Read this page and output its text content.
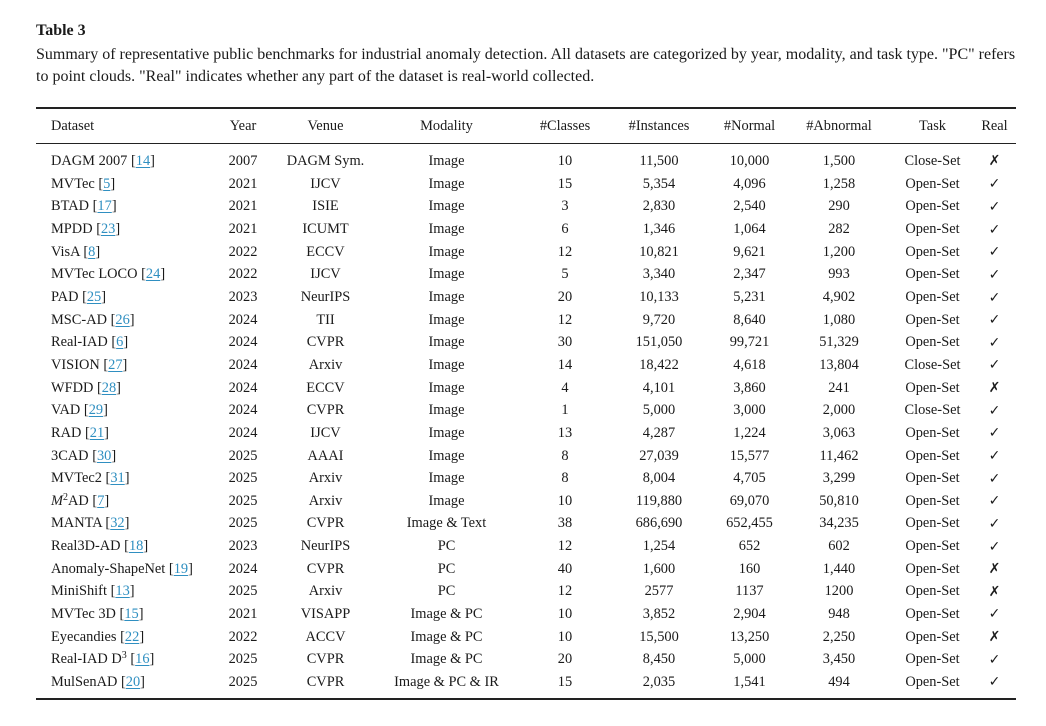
Table 3
Summary of representative public benchmarks for industrial anomaly detection. All datasets are categorized by year, modality, and task type. "PC" refers to point clouds. "Real" indicates whether any part of the dataset is real-world collected.
Dataset	Year	Venue	Modality	#Classes	#Instances	#Normal	#Abnormal	Task	Real
DAGM 2007 [14]	2007	DAGM Sym.	Image	10	11,500	10,000	1,500	Close-Set	✗
MVTec [5]	2021	IJCV	Image	15	5,354	4,096	1,258	Open-Set	✓
BTAD [17]	2021	ISIE	Image	3	2,830	2,540	290	Open-Set	✓
MPDD [23]	2021	ICUMT	Image	6	1,346	1,064	282	Open-Set	✓
VisA [8]	2022	ECCV	Image	12	10,821	9,621	1,200	Open-Set	✓
MVTec LOCO [24]	2022	IJCV	Image	5	3,340	2,347	993	Open-Set	✓
PAD [25]	2023	NeurIPS	Image	20	10,133	5,231	4,902	Open-Set	✓
MSC-AD [26]	2024	TII	Image	12	9,720	8,640	1,080	Open-Set	✓
Real-IAD [6]	2024	CVPR	Image	30	151,050	99,721	51,329	Open-Set	✓
VISION [27]	2024	Arxiv	Image	14	18,422	4,618	13,804	Close-Set	✓
WFDD [28]	2024	ECCV	Image	4	4,101	3,860	241	Open-Set	✗
VAD [29]	2024	CVPR	Image	1	5,000	3,000	2,000	Close-Set	✓
RAD [21]	2024	IJCV	Image	13	4,287	1,224	3,063	Open-Set	✓
3CAD [30]	2025	AAAI	Image	8	27,039	15,577	11,462	Open-Set	✓
MVTec2 [31]	2025	Arxiv	Image	8	8,004	4,705	3,299	Open-Set	✓
$M^2AD$ [7]	2025	Arxiv	Image	10	119,880	69,070	50,810	Open-Set	✓
MANTA [32]	2025	CVPR	Image & Text	38	686,690	652,455	34,235	Open-Set	✓
Real3D-AD [18]	2023	NeurIPS	PC	12	1,254	652	602	Open-Set	✓
Anomaly-ShapeNet [19]	2024	CVPR	PC	40	1,600	160	1,440	Open-Set	✗
MiniShift [13]	2025	Arxiv	PC	12	2577	1137	1200	Open-Set	✗
MVTec 3D [15]	2021	VISAPP	Image & PC	10	3,852	2,904	948	Open-Set	✓
Eyecandies [22]	2022	ACCV	Image & PC	10	15,500	13,250	2,250	Open-Set	✗
Real-IAD $D^3$ [16]	2025	CVPR	Image & PC	20	8,450	5,000	3,450	Open-Set	✓
MulSenAD [20]	2025	CVPR	Image & PC & IR	15	2,035	1,541	494	Open-Set	✓
